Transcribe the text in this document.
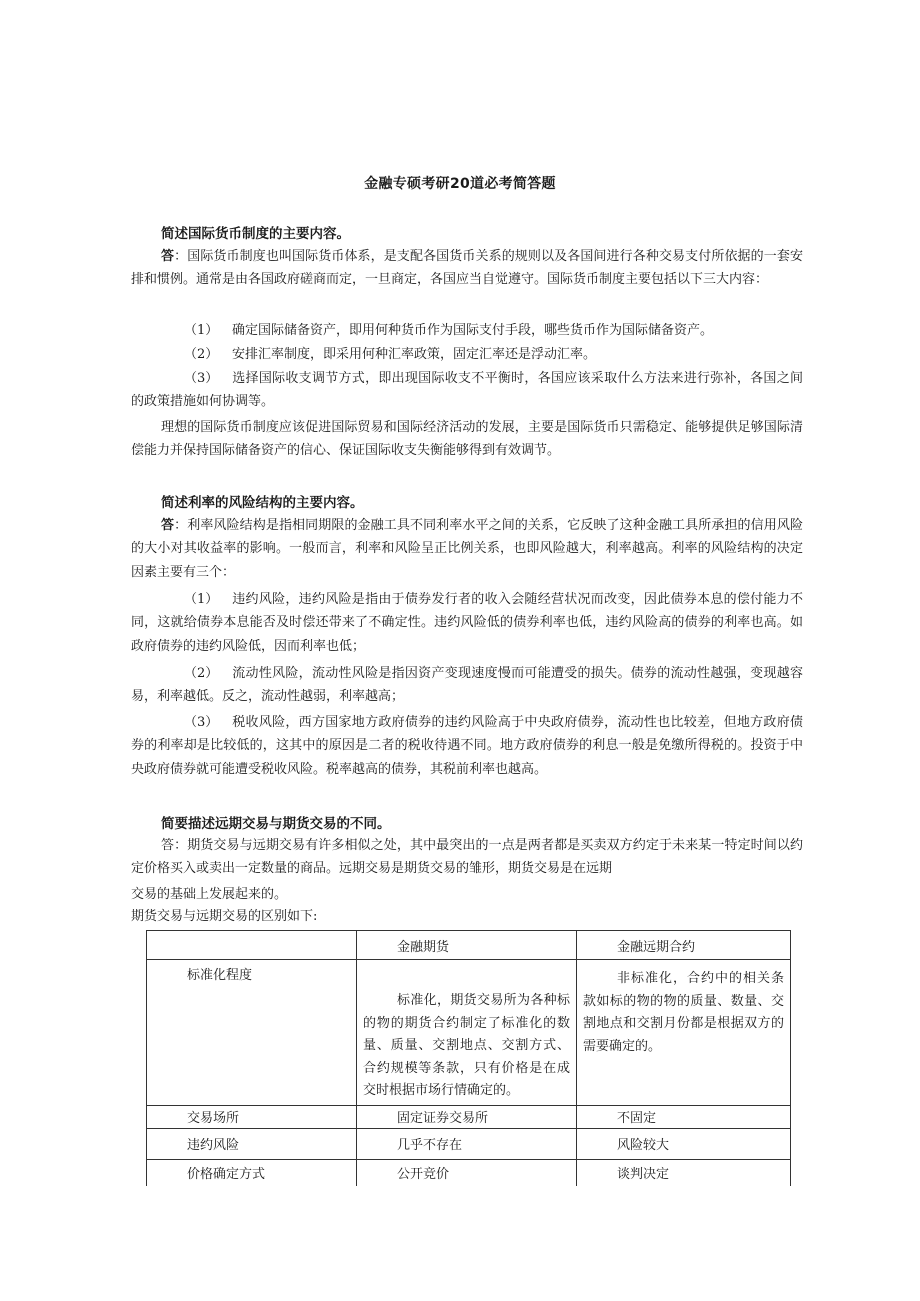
金融专硕考研20道必考简答题
简述国际货币制度的主要内容。

答：国际货币制度也叫国际货币体系，是支配各国货币关系的规则以及各国间进行各种交易支付所依据的一套安排和惯例。通常是由各国政府磋商而定，一旦商定，各国应当自觉遵守。国际货币制度主要包括以下三大内容：

（1） 确定国际储备资产，即用何种货币作为国际支付手段，哪些货币作为国际储备资产。

（2） 安排汇率制度，即采用何种汇率政策，固定汇率还是浮动汇率。

（3） 选择国际收支调节方式，即出现国际收支不平衡时，各国应该采取什么方法来进行弥补，各国之间的政策措施如何协调等。

理想的国际货币制度应该促进国际贸易和国际经济活动的发展，主要是国际货币只需稳定、能够提供足够国际清偿能力并保持国际储备资产的信心、保证国际收支失衡能够得到有效调节。

简述利率的风险结构的主要内容。

答：利率风险结构是指相同期限的金融工具不同利率水平之间的关系，它反映了这种金融工具所承担的信用风险的大小对其收益率的影响。一般而言，利率和风险呈正比例关系，也即风险越大，利率越高。利率的风险结构的决定因素主要有三个：

（1） 违约风险，违约风险是指由于债券发行者的收入会随经营状况而改变，因此债券本息的偿付能力不同，这就给债券本息能否及时偿还带来了不确定性。违约风险低的债券利率也低，违约风险高的债券的利率也高。如政府债券的违约风险低，因而利率也低；

（2） 流动性风险，流动性风险是指因资产变现速度慢而可能遭受的损失。债券的流动性越强，变现越容易，利率越低。反之，流动性越弱，利率越高；

（3） 税收风险，西方国家地方政府债券的违约风险高于中央政府债券，流动性也比较差，但地方政府债券的利率却是比较低的，这其中的原因是二者的税收待遇不同。地方政府债券的利息一般是免缴所得税的。投资于中央政府债券就可能遭受税收风险。税率越高的债券，其税前利率也越高。

简要描述远期交易与期货交易的不同。

答：期货交易与远期交易有许多相似之处，其中最突出的一点是两者都是买卖双方约定于未来某一特定时间以约定价格买入或卖出一定数量的商品。远期交易是期货交易的雏形，期货交易是在远期

交易的基础上发展起来的。

期货交易与远期交易的区别如下:

	金融期货	金融远期合约
标准化程度	标准化，期货交易所为各种标的物的期货合约制定了标准化的数量、质量、交割地点、交割方式、合约规模等条款，只有价格是在成交时根据市场行情确定的。	非标准化，合约中的相关条款如标的物的物的质量、数量、交割地点和交割月份都是根据双方的需要确定的。

交易场所	固定证券交易所	不固定
违约风险	几乎不存在	风险较大
价格确定方式	公开竞价	谈判决定
